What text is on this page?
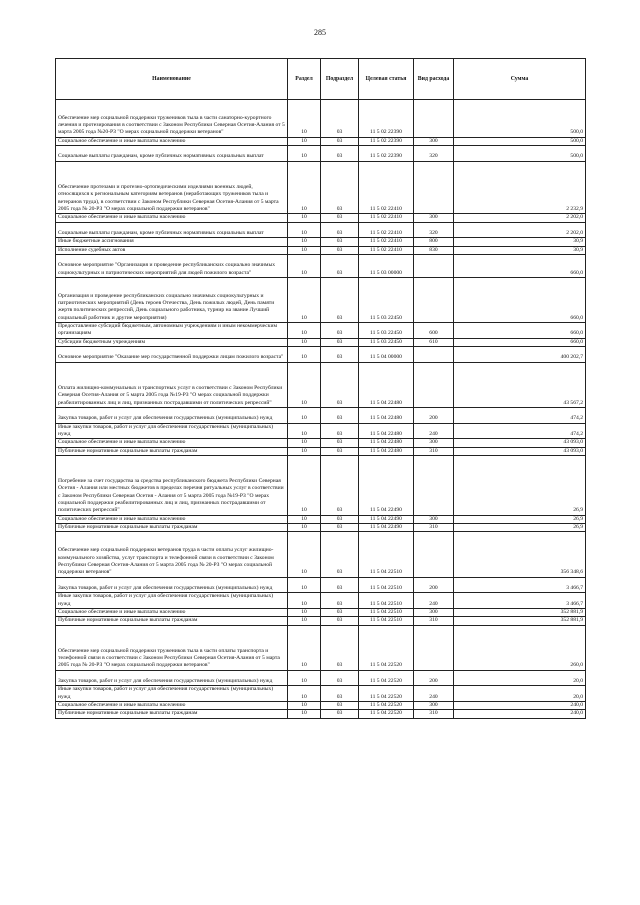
285
Наименование	Раздел	Подраздел	Целевая статья	Вид расхода	Сумма
Обеспечение мер социальной поддержки тружеников тыла в части санаторно-курортного лечения и протезирования в соответствии с Законом Республики Северная Осетия-Алания от 5 марта 2005 года №20-РЗ "О мерах социальной поддержки ветеранов"	10	03	11 5 02 22390		500,0
Социальное обеспечение и иные выплаты населению	10	03	11 5 02 22390	300	500,0
Социальные выплаты гражданам, кроме публичных нормативных социальных выплат	10	03	11 5 02 22390	320	500,0
Обеспечение протезами и протезно-ортопедическими изделиями военных людей, относящихся к региональным категориям ветеранов (неработающих тружеников тыла и ветеранов труда), в соответствии с Законом Республики Северная Осетия-Алания от 5 марта 2005 года № 20-РЗ "О мерах социальной поддержки ветеранов"	10	03	11 5 02 22410		2 232,9
Социальное обеспечение и иные выплаты населению	10	03	11 5 02 22410	300	2 202,0
Социальные выплаты гражданам, кроме публичных нормативных социальных выплат	10	03	11 5 02 22410	320	2 202,0
Иные бюджетные ассигнования	10	03	11 5 02 22410	800	30,9
Исполнение судебных актов	10	03	11 5 02 22410	830	30,9
Основное мероприятие "Организация и проведение республиканских социально значимых социокультурных и патриотических мероприятий для людей пожилого возраста"	10	03	11 5 03 00000		660,0
Организация и проведение республиканских социально значимых социокультурных и патриотических мероприятий (День героев Отечества, День пожилых людей, День памяти жертв политических репрессий, День социального работника, турнир на звание Лучший социальный работник и другие мероприятия)	10	03	11 5 03 22450		660,0
Предоставление субсидий бюджетным, автономным учреждениям и иным некоммерческим организациям	10	03	11 5 03 22450	600	660,0
Субсидии бюджетным учреждениям	10	03	11 5 03 22450	610	660,0
Основное мероприятие "Оказание мер государственной поддержки лицам пожилого возраста"	10	03	11 5 04 00000		400 202,7
Оплата жилищно-коммунальных и транспортных услуг в соответствии с Законом Республики Северная Осетия-Алания от 5 марта 2005 года №19-РЗ "О мерах социальной поддержки реабилитированных лиц и лиц, признанных пострадавшими от политических репрессий"	10	03	11 5 04 22480		43 567,2
Закупка товаров, работ и услуг для обеспечения государственных (муниципальных) нужд	10	03	11 5 04 22480	200	474,2
Иные закупки товаров, работ и услуг для обеспечения государственных (муниципальных) нужд	10	03	11 5 04 22480	240	474,2
Социальное обеспечение и иные выплаты населению	10	03	11 5 04 22480	300	43 093,0
Публичные нормативные социальные выплаты гражданам	10	03	11 5 04 22480	310	43 093,0
Погребение за счет государства за средства республиканского бюджета Республики Северная Осетия - Алания или местных бюджетов в пределах перечня ритуальных услуг в соответствии с Законом Республики Северная Осетия - Алания от 5 марта 2005 года №19-РЗ "О мерах социальной поддержки реабилитированных лиц и лиц, признанных пострадавшими от политических репрессий"	10	03	11 5 04 22490		26,9
Социальное обеспечение и иные выплаты населению	10	03	11 5 04 22490	300	26,9
Публичные нормативные социальные выплаты гражданам	10	03	11 5 04 22490	310	26,9
Обеспечение мер социальной поддержки ветеранов труда в части оплаты услуг жилищно-коммунального хозяйства, услуг транспорта и телефонной связи в соответствии с Законом Республики Северная Осетия-Алания от 5 марта 2005 года № 20-РЗ "О мерах социальной поддержки ветеранов"	10	03	11 5 04 22510		356 348,6
Закупка товаров, работ и услуг для обеспечения государственных (муниципальных) нужд	10	03	11 5 04 22510	200	3 466,7
Иные закупки товаров, работ и услуг для обеспечения государственных (муниципальных) нужд	10	03	11 5 04 22510	240	3 466,7
Социальное обеспечение и иные выплаты населению	10	03	11 5 04 22510	300	352 881,9
Публичные нормативные социальные выплаты гражданам	10	03	11 5 04 22510	310	352 881,9
Обеспечение мер социальной поддержки тружеников тыла в части оплаты транспорта и телефонной связи в соответствии с Законом Республики Северная Осетия-Алания от 5 марта 2005 года № 20-РЗ "О мерах социальной поддержки ветеранов"	10	03	11 5 04 22520		260,0
Закупка товаров, работ и услуг для обеспечения государственных (муниципальных) нужд	10	03	11 5 04 22520	200	20,0
Иные закупки товаров, работ и услуг для обеспечения государственных (муниципальных) нужд	10	03	11 5 04 22520	240	20,0
Социальное обеспечение и иные выплаты населению	10	03	11 5 04 22520	300	240,0
Публичные нормативные социальные выплаты гражданам	10	03	11 5 04 22520	310	240,0
